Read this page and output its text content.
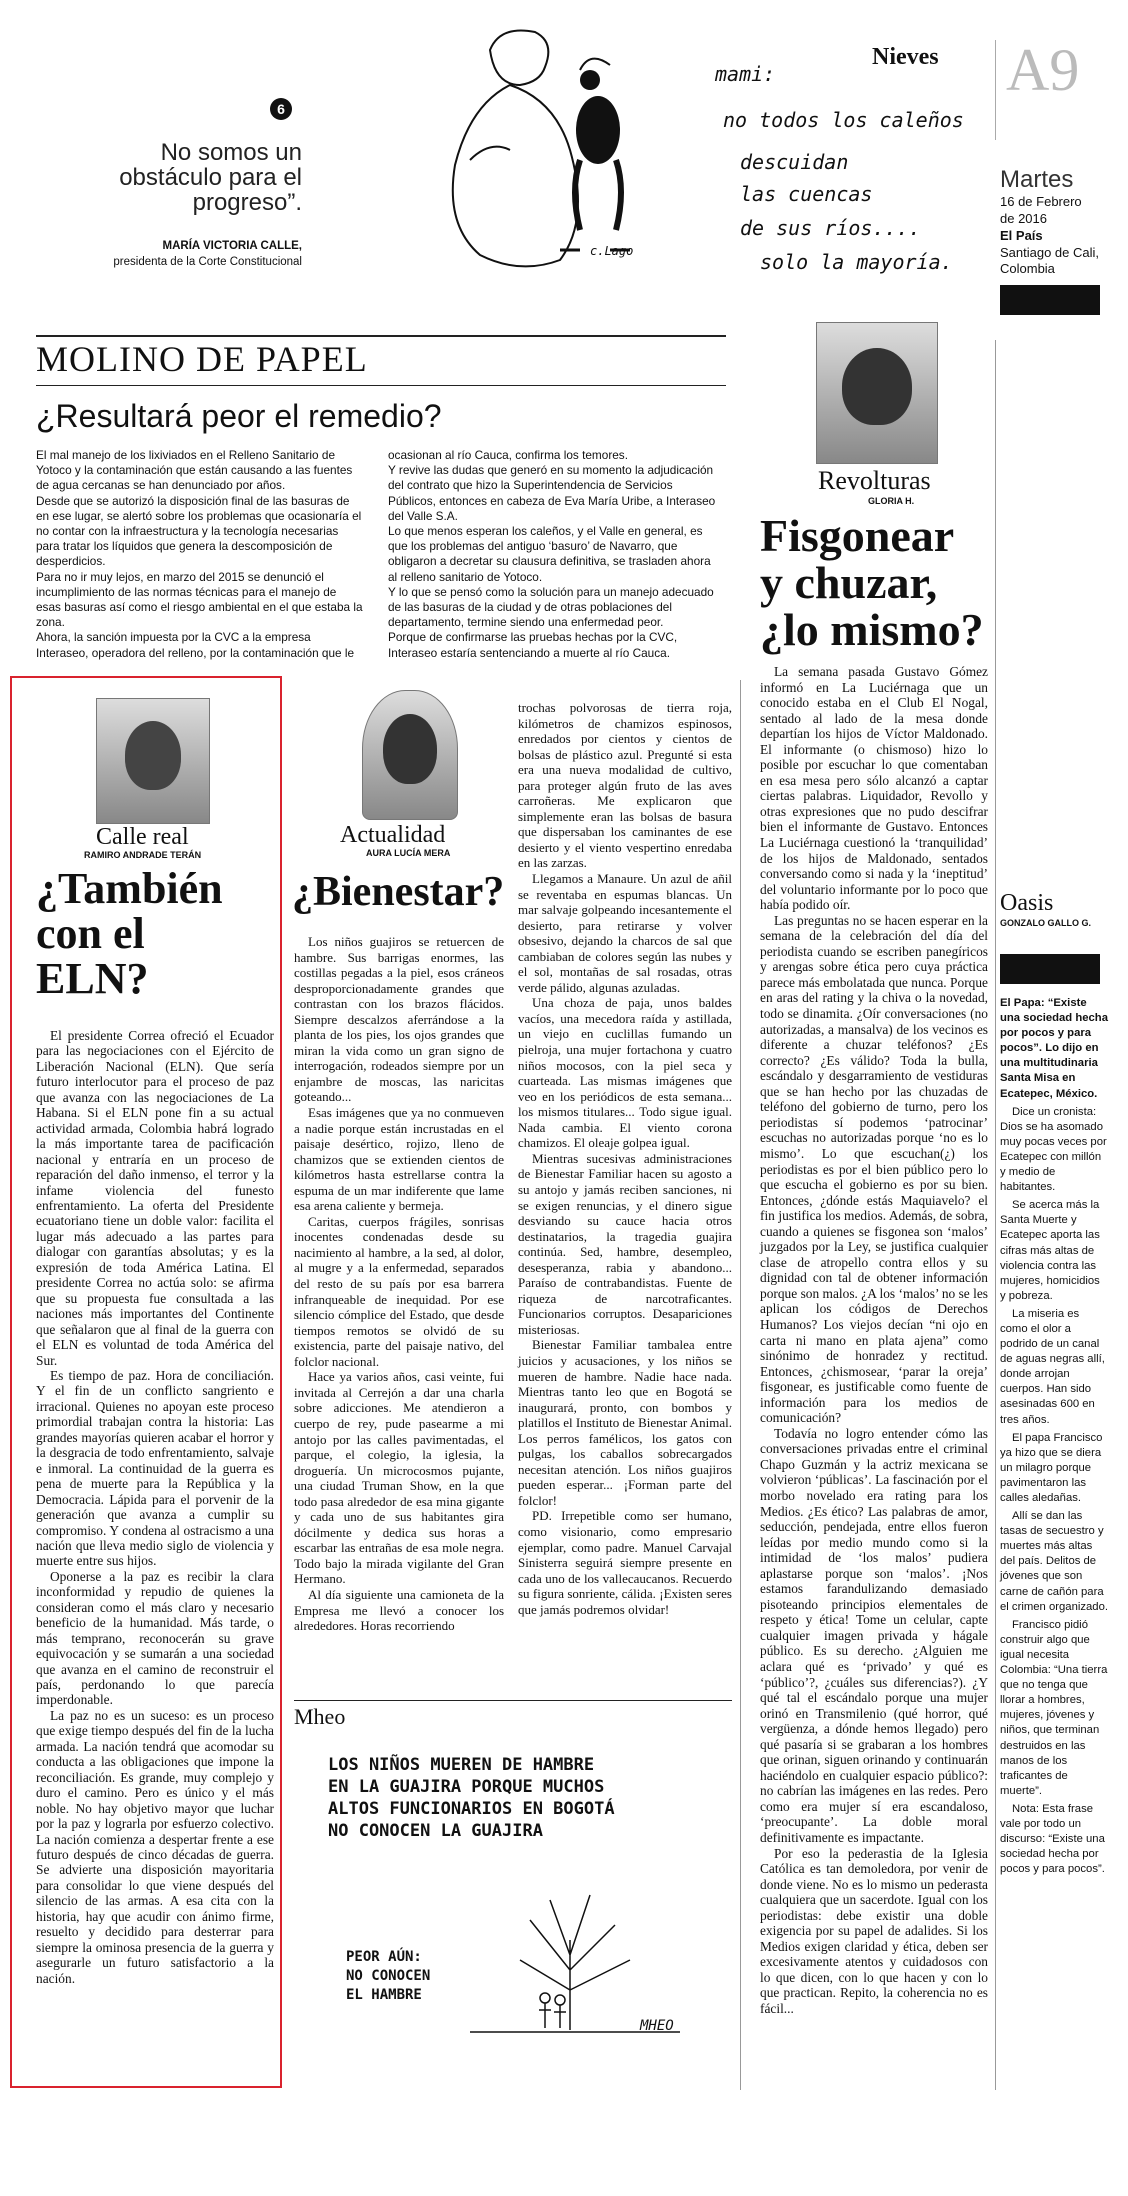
6
No somos un obstáculo para el progreso”.
MARÍA VICTORIA CALLE,
presidenta de la Corte Constitucional
mami:
no todos los caleños
descuidan
las cuencas
de sus ríos....
solo la mayoría.
c.Lago
Nieves A9
Martes
16 de Febrero
de 2016
El País
Santiago de Cali,
Colombia
MOLINO DE PAPEL
¿Resultará peor el remedio?

El mal manejo de los lixiviados en el Relleno Sanitario de Yotoco y la contaminación que están causando a las fuentes de agua cercanas se han denunciado por años.

Desde que se autorizó la disposición final de las basuras de en ese lugar, se alertó sobre los problemas que ocasionaría el no contar con la infraestructura y la tecnología necesarias para tratar los líquidos que genera la descomposición de desperdicios.

Para no ir muy lejos, en marzo del 2015 se denunció el incumplimiento de las normas técnicas para el manejo de esas basuras así como el riesgo ambiental en el que estaba la zona.

Ahora, la sanción impuesta por la CVC a la empresa Interaseo, operadora del relleno, por la contaminación que le

ocasionan al río Cauca, confirma los temores.

Y revive las dudas que generó en su momento la adjudicación del contrato que hizo la Superintendencia de Servicios Públicos, entonces en cabeza de Eva María Uribe, a Interaseo del Valle S.A.

Lo que menos esperan los caleños, y el Valle en general, es que los problemas del antiguo ‘basuro’ de Navarro, que obligaron a decretar su clausura definitiva, se trasladen ahora al relleno sanitario de Yotoco.

Y lo que se pensó como la solución para un manejo adecuado de las basuras de la ciudad y de otras poblaciones del departamento, termine siendo una enfermedad peor.

Porque de confirmarse las pruebas hechas por la CVC, Interaseo estaría sentenciando a muerte al río Cauca.

Revolturas
GLORIA H.
Fisgonear
y chuzar,
¿lo mismo?

La semana pasada Gustavo Gómez informó en La Luciérnaga que un conocido estaba en el Club El Nogal, sentado al lado de la mesa donde departían los hijos de Víctor Maldonado. El informante (o chismoso) hizo lo posible por escuchar lo que comentaban en esa mesa pero sólo alcanzó a captar ciertas palabras. Liquidador, Revollo y otras expresiones que no pudo descifrar bien el informante de Gustavo. Entonces La Luciérnaga cuestionó la ‘tranquilidad’ de los hijos de Maldonado, sentados conversando como si nada y la ‘ineptitud’ del voluntario informante por lo poco que había podido oír.

Las preguntas no se hacen esperar en la semana de la celebración del día del periodista cuando se escriben panegíricos y arengas sobre ética pero cuya práctica parece más embolatada que nunca. Porque en aras del rating y la chiva o la novedad, todo se dinamita. ¿Oír conversaciones (no autorizadas, a mansalva) de los vecinos es diferente a chuzar teléfonos? ¿Es correcto? ¿Es válido? Toda la bulla, escándalo y desgarramiento de vestiduras que se han hecho por las chuzadas de teléfono del gobierno de turno, pero los periodistas sí podemos ‘patrocinar’ escuchas no autorizadas porque ‘no es lo mismo’. Lo que escuchan(¿) los periodistas es por el bien público pero lo que escucha el gobierno es por su bien. Entonces, ¿dónde estás Maquiavelo? el fin justifica los medios. Además, de sobra, cuando a quienes se fisgonea son ‘malos’ juzgados por la Ley, se justifica cualquier clase de atropello contra ellos y su dignidad con tal de obtener información porque son malos. ¿A los ‘malos’ no se les aplican los códigos de Derechos Humanos? Los viejos decían “ni ojo en carta ni mano en plata ajena” como sinónimo de honradez y rectitud. Entonces, ¿chismosear, ‘parar la oreja’ fisgonear, es justificable como fuente de información para los medios de comunicación?

Todavía no logro entender cómo las conversaciones privadas entre el criminal Chapo Guzmán y la actriz mexicana se volvieron ‘públicas’. La fascinación por el morbo novelado era rating para los Medios. ¿Es ético? Las palabras de amor, seducción, pendejada, entre ellos fueron leídas por medio mundo como si la intimidad de ‘los malos’ pudiera aplastarse porque son ‘malos’. ¡Nos estamos farandulizando demasiado pisoteando principios elementales de respeto y ética! Tome un celular, capte cualquier imagen privada y hágale público. Es su derecho. ¿Alguien me aclara qué es ‘privado’ y qué es ‘público’?, ¿cuáles sus diferencias?). ¿Y qué tal el escándalo porque una mujer orinó en Transmilenio (qué horror, qué vergüenza, a dónde hemos llegado) pero qué pasaría si se grabaran a los hombres que orinan, siguen orinando y continuarán haciéndolo en cualquier espacio público?: no cabrían las imágenes en las redes. Pero como era mujer sí era escandaloso, ‘preocupante’. La doble moral definitivamente es impactante.

Por eso la pederastia de la Iglesia Católica es tan demoledora, por venir de donde viene. No es lo mismo un pederasta cualquiera que un sacerdote. Igual con los periodistas: debe existir una doble exigencia por su papel de adalides. Si los Medios exigen claridad y ética, deben ser excesivamente atentos y cuidadosos con lo que dicen, con lo que hacen y con lo que practican. Repito, la coherencia no es fácil...

Calle real
RAMIRO ANDRADE TERÁN
¿También
con el
ELN?

El presidente Correa ofreció el Ecuador para las negociaciones con el Ejército de Liberación Nacional (ELN). Que sería futuro interlocutor para el proceso de paz que avanza con las negociaciones de La Habana. Si el ELN pone fin a su actual actividad armada, Colombia habrá logrado la más importante tarea de pacificación nacional y entraría en un proceso de reparación del daño inmenso, el terror y la infame violencia del funesto enfrentamiento. La oferta del Presidente ecuatoriano tiene un doble valor: facilita el lugar más adecuado a las partes para dialogar con garantías absolutas; y es la expresión de toda América Latina. El presidente Correa no actúa solo: se afirma que su propuesta fue consultada a las naciones más importantes del Continente que señalaron que al final de la guerra con el ELN es voluntad de toda América del Sur.

Es tiempo de paz. Hora de conciliación. Y el fin de un conflicto sangriento e irracional. Quienes no apoyan este proceso primordial trabajan contra la historia: Las grandes mayorías quieren acabar el horror y la desgracia de todo enfrentamiento, salvaje e inmoral. La continuidad de la guerra es pena de muerte para la República y la Democracia. Lápida para el porvenir de la generación que avanza a cumplir su compromiso. Y condena al ostracismo a una nación que lleva medio siglo de violencia y muerte entre sus hijos.

Oponerse a la paz es recibir la clara inconformidad y repudio de quienes la consideran como el más claro y necesario beneficio de la humanidad. Más tarde, o más temprano, reconocerán su grave equivocación y se sumarán a una sociedad que avanza en el camino de reconstruir el país, perdonando lo que parecía imperdonable.

La paz no es un suceso: es un proceso que exige tiempo después del fin de la lucha armada. La nación tendrá que acomodar su conducta a las obligaciones que impone la reconciliación. Es grande, muy complejo y duro el camino. Pero es único y el más noble. No hay objetivo mayor que luchar por la paz y lograrla por esfuerzo colectivo. La nación comienza a despertar frente a ese futuro después de cinco décadas de guerra. Se advierte una disposición mayoritaria para consolidar lo que viene después del silencio de las armas. A esa cita con la historia, hay que acudir con ánimo firme, resuelto y decidido para desterrar para siempre la ominosa presencia de la guerra y asegurarle un futuro satisfactorio a la nación.

Actualidad
AURA LUCÍA MERA
¿Bienestar?

Los niños guajiros se retuercen de hambre. Sus barrigas enormes, las costillas pegadas a la piel, esos cráneos desproporcionadamente grandes que contrastan con los brazos flácidos. Siempre descalzos aferrándose a la planta de los pies, los ojos grandes que miran la vida como un gran signo de interrogación, rodeados siempre por un enjambre de moscas, las naricitas goteando...

Esas imágenes que ya no conmueven a nadie porque están incrustadas en el paisaje desértico, rojizo, lleno de chamizos que se extienden cientos de kilómetros hasta estrellarse contra la espuma de un mar indiferente que lame esa arena caliente y bermeja.

Caritas, cuerpos frágiles, sonrisas inocentes condenadas desde su nacimiento al hambre, a la sed, al dolor, al mugre y a la enfermedad, separados del resto de su país por esa barrera infranqueable de inequidad. Por ese silencio cómplice del Estado, que desde tiempos remotos se olvidó de su existencia, parte del paisaje nativo, del folclor nacional.

Hace ya varios años, casi veinte, fui invitada al Cerrejón a dar una charla sobre adicciones. Me atendieron a cuerpo de rey, pude pasearme a mi antojo por las calles pavimentadas, el parque, el colegio, la iglesia, la droguería. Un microcosmos pujante, una ciudad Truman Show, en la que todo pasa alrededor de esa mina gigante y cada uno de sus habitantes gira dócilmente y dedica sus horas a escarbar las entrañas de esa mole negra. Todo bajo la mirada vigilante del Gran Hermano.

Al día siguiente una camioneta de la Empresa me llevó a conocer los alrededores. Horas recorriendo

trochas polvorosas de tierra roja, kilómetros de chamizos espinosos, enredados por cientos y cientos de bolsas de plástico azul. Pregunté si esta era una nueva modalidad de cultivo, para proteger algún fruto de las aves carroñeras. Me explicaron que simplemente eran las bolsas de basura que dispersaban los caminantes de ese desierto y el viento vespertino enredaba en las zarzas.

Llegamos a Manaure. Un azul de añil se reventaba en espumas blancas. Un mar salvaje golpeando incesantemente el desierto, para retirarse y volver obsesivo, dejando la charcos de sal que cambiaban de colores según las nubes y el sol, montañas de sal rosadas, otras verde pálido, algunas azuladas.

Una choza de paja, unos baldes vacíos, una mecedora raída y astillada, un viejo en cuclillas fumando un pielroja, una mujer fortachona y cuatro niños mocosos, con la piel seca y cuarteada. Las mismas imágenes que veo en los periódicos de esta semana... los mismos titulares... Todo sigue igual. Nada cambia. El viento corona chamizos. El oleaje golpea igual.

Mientras sucesivas administraciones de Bienestar Familiar hacen su agosto a su antojo y jamás reciben sanciones, ni se exigen renuncias, y el dinero sigue desviando su cauce hacia otros destinatarios, la tragedia guajira continúa. Sed, hambre, desempleo, desesperanza, rabia y abandono... Paraíso de contrabandistas. Fuente de riqueza de narcotraficantes. Funcionarios corruptos. Desapariciones misteriosas.

Bienestar Familiar tambalea entre juicios y acusaciones, y los niños se mueren de hambre. Nadie hace nada. Mientras tanto leo que en Bogotá se inaugurará, pronto, con bombos y platillos el Instituto de Bienestar Animal. Los perros famélicos, los gatos con pulgas, los caballos sobrecargados necesitan atención. Los niños guajiros pueden esperar... ¡Forman parte del folclor!

PD. Irrepetible como ser humano, como visionario, como empresario ejemplar, como padre. Manuel Carvajal Sinisterra seguirá siempre presente en cada uno de los vallecaucanos. Recuerdo su figura sonriente, cálida. ¡Existen seres que jamás podremos olvidar!

Mheo
LOS NIÑOS MUEREN DE HAMBRE
EN LA GUAJIRA PORQUE MUCHOS
ALTOS FUNCIONARIOS EN BOGOTÁ
NO CONOCEN LA GUAJIRA
PEOR AÚN:
NO CONOCEN
EL HAMBRE
MHEO
Oasis
GONZALO GALLO G.

El Papa: “Existe una sociedad hecha por pocos y para pocos”. Lo dijo en una multitudinaria Santa Misa en Ecatepec, México.

Dice un cronista: Dios se ha asomado muy pocas veces por Ecatepec con millón y medio de habitantes.

Se acerca más la Santa Muerte y Ecatepec aporta las cifras más altas de violencia contra las mujeres, homicidios y pobreza.

La miseria es como el olor a podrido de un canal de aguas negras allí, donde arrojan cuerpos. Han sido asesinadas 600 en tres años.

El papa Francisco ya hizo que se diera un milagro porque pavimentaron las calles aledañas.

Allí se dan las tasas de secuestro y muertes más altas del país. Delitos de jóvenes que son carne de cañón para el crimen organizado.

Francisco pidió construir algo que igual necesita Colombia: “Una tierra que no tenga que llorar a hombres, mujeres, jóvenes y niños, que terminan destruidos en las manos de los traficantes de muerte”.

Nota: Esta frase vale por todo un discurso: “Existe una sociedad hecha por pocos y para pocos”.
